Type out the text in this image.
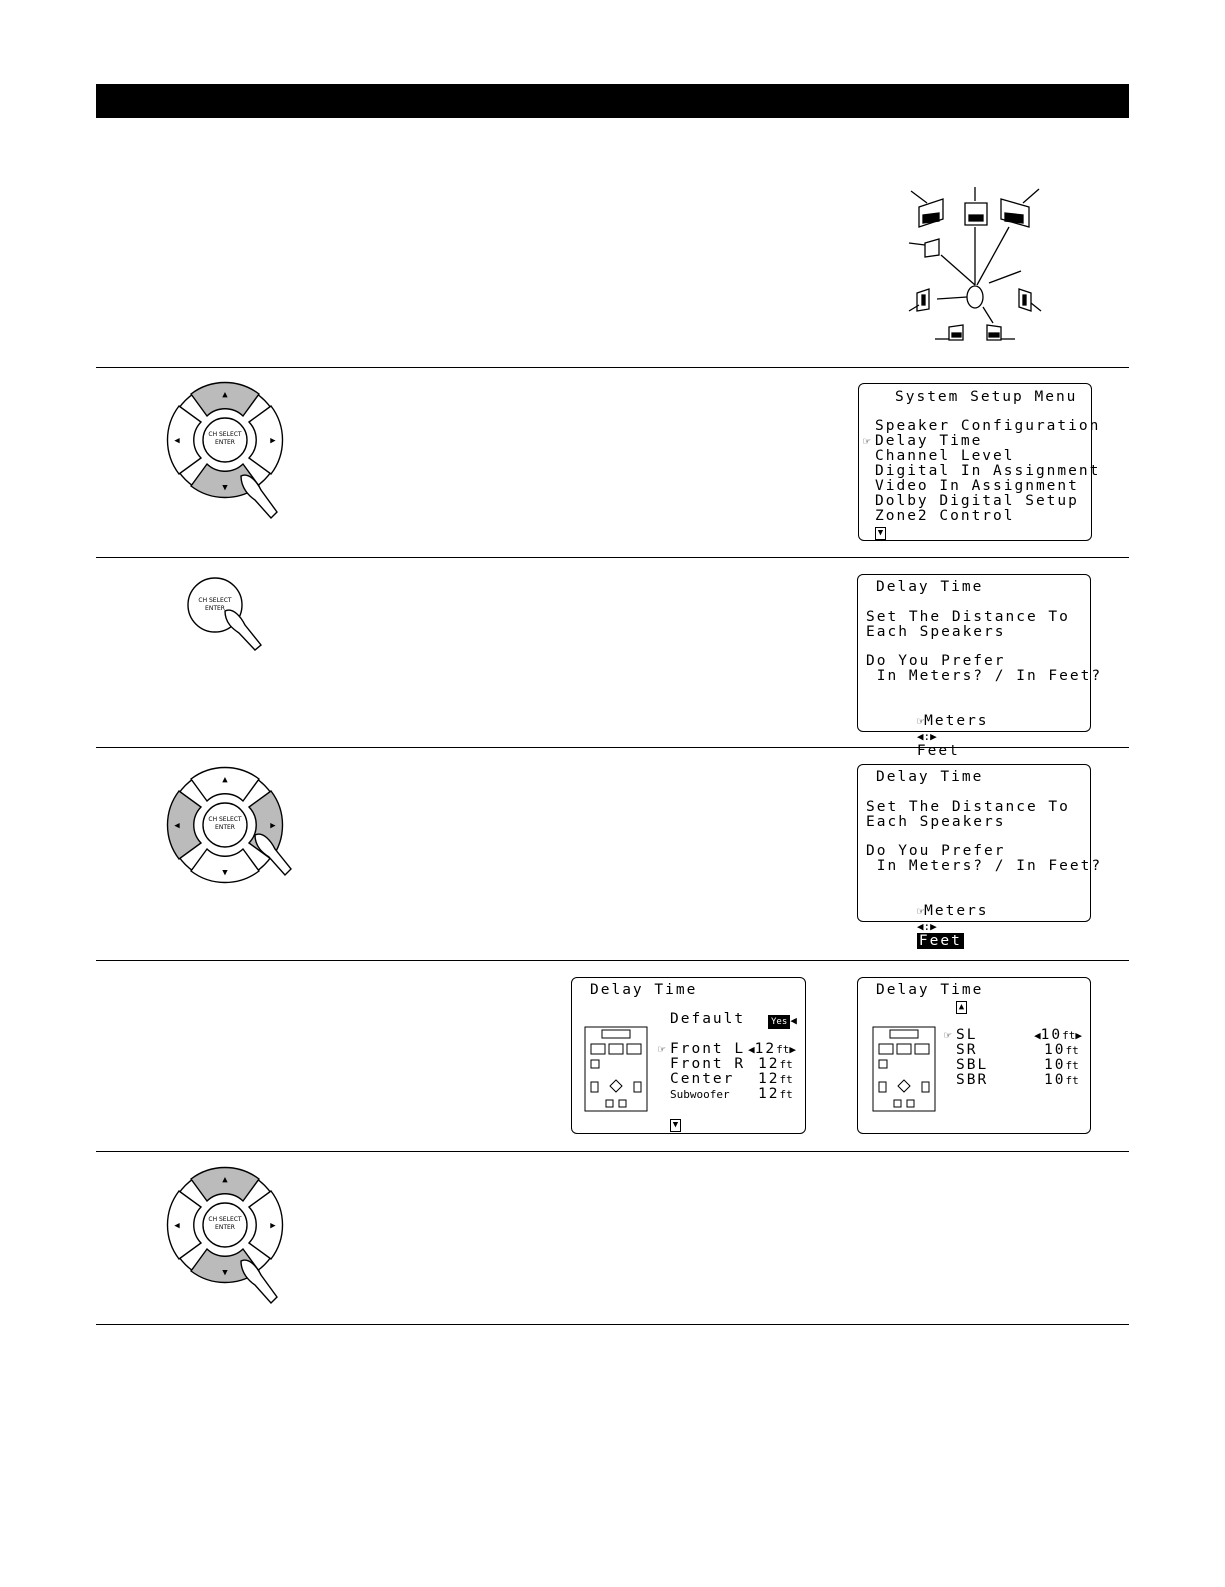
CH SELECT
ENTER
▲
▼
◀	▶
CH SELECT
ENTER
CH SELECT
ENTER
▲
▼
◀	▶
CH SELECT
ENTER
▲
▼
◀	▶
System Setup Menu
Speaker Configuration
☞ Delay Time
Channel Level
Digital In Assignment
Video In Assignment
Dolby Digital Setup
Zone2 Control
▼
Delay Time
Set The Distance To
Each Speakers
Do You Prefer
In Meters? / In Feet?

☞Meters
◀:▶
Feet

Delay Time
Set The Distance To
Each Speakers
Do You Prefer
In Meters? / In Feet?

☞Meters
◀:▶
Feet

Delay Time
Default	Yes ◀
☞ Front L ◀12ft▶
Front R 12ft
Center 12ft
Subwoofer 12ft
▼
Delay Time
▲
☞ SL	◀10ft▶
SR	10ft
SBL	10ft
SBR	10ft
